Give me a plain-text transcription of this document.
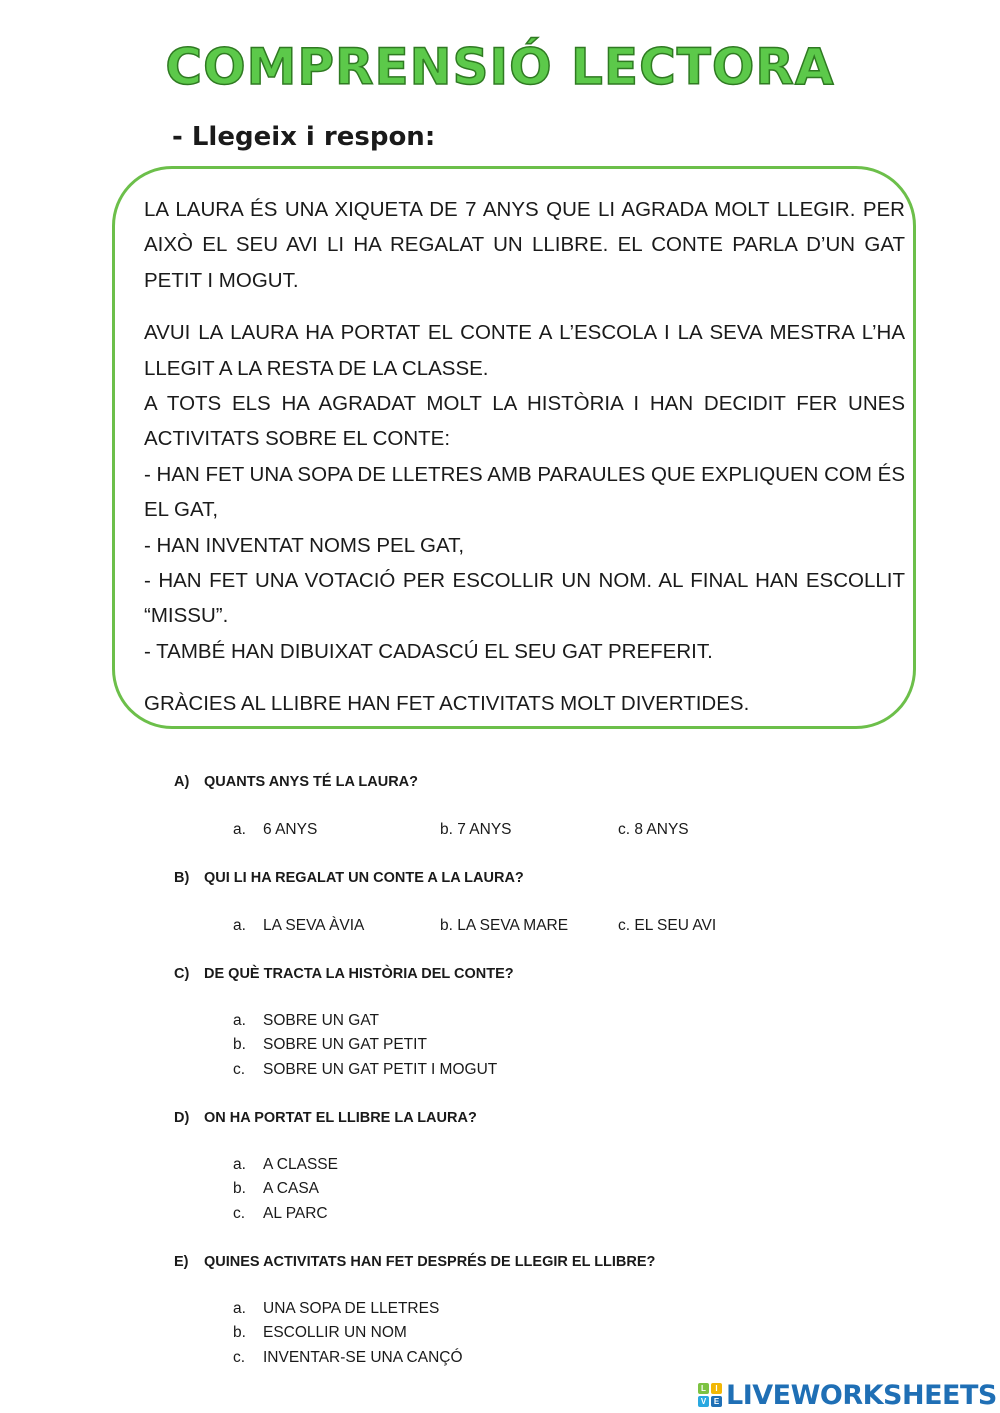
COMPRENSIÓ LECTORA
- Llegeix i respon:

LA LAURA ÉS UNA XIQUETA DE 7 ANYS QUE LI AGRADA MOLT LLEGIR. PER AIXÒ EL SEU AVI LI HA REGALAT UN LLIBRE. EL CONTE PARLA D’UN GAT PETIT I MOGUT.

AVUI LA LAURA HA PORTAT EL CONTE A L’ESCOLA I LA SEVA MESTRA L’HA LLEGIT A LA RESTA DE LA CLASSE.

A TOTS ELS HA AGRADAT MOLT LA HISTÒRIA I HAN DECIDIT FER UNES ACTIVITATS SOBRE EL CONTE:

- HAN FET UNA SOPA DE LLETRES AMB PARAULES QUE EXPLIQUEN COM ÉS EL GAT,

- HAN INVENTAT NOMS PEL GAT,

- HAN FET UNA VOTACIÓ PER ESCOLLIR UN NOM. AL FINAL HAN ESCOLLIT “MISSU”.

- TAMBÉ HAN DIBUIXAT CADASCÚ EL SEU GAT PREFERIT.

GRÀCIES AL LLIBRE HAN FET ACTIVITATS MOLT DIVERTIDES.

A) QUANTS ANYS TÉ LA LAURA?
a. 6 ANYS	b. 7 ANYS	c. 8 ANYS
B) QUI LI HA REGALAT UN CONTE A LA LAURA?
a. LA SEVA ÀVIA	b. LA SEVA MARE	c. EL SEU AVI
C) DE QUÈ TRACTA LA HISTÒRIA DEL CONTE?
a. SOBRE UN GAT
b. SOBRE UN GAT PETIT
c. SOBRE UN GAT PETIT I MOGUT
D) ON HA PORTAT EL LLIBRE LA LAURA?
a. A CLASSE
b. A CASA
c. AL PARC
E) QUINES ACTIVITATS HAN FET DESPRÉS DE LLEGIR EL LLIBRE?
a. UNA SOPA DE LLETRES
b. ESCOLLIR UN NOM
c. INVENTAR-SE UNA CANÇÓ
L	I
V E LIVEWORKSHEETS
